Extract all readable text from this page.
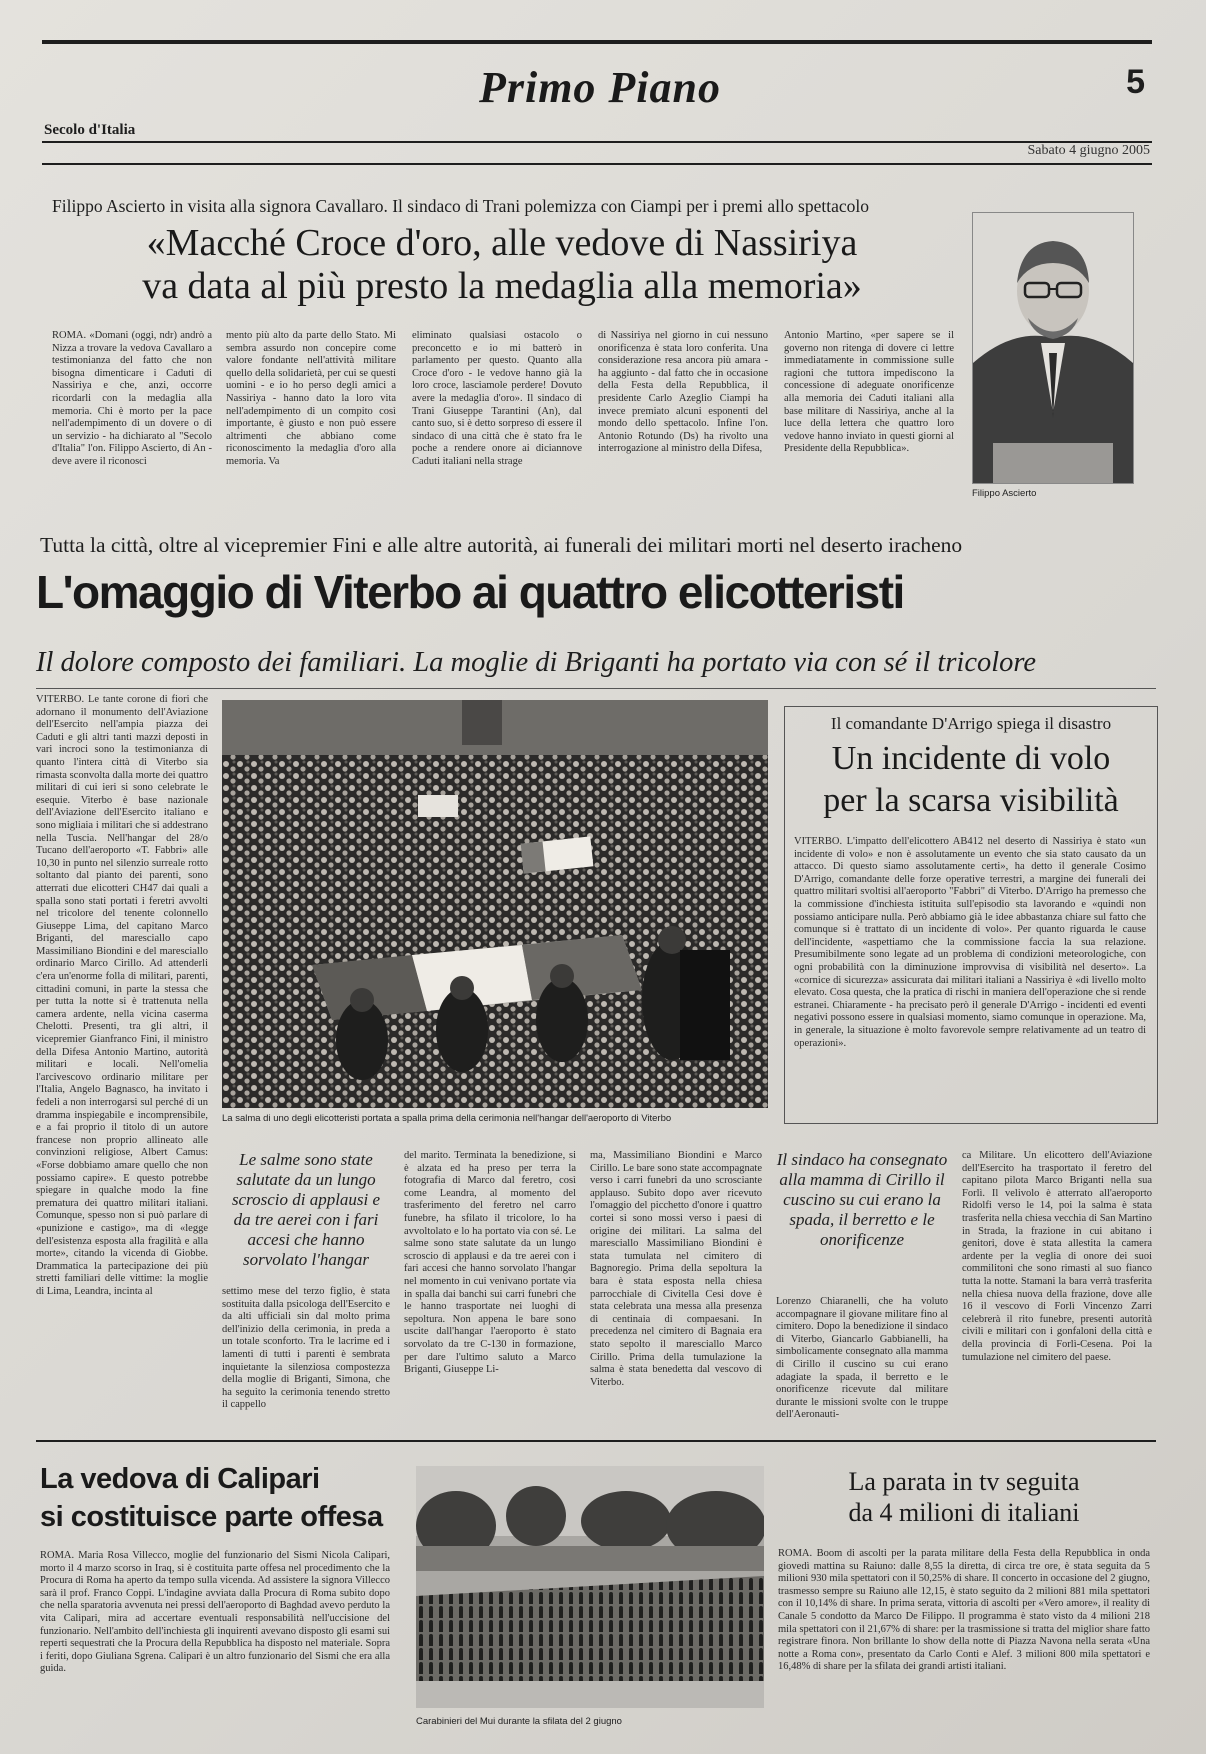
Primo Piano	5
Secolo d'Italia
Sabato 4 giugno 2005
Filippo Ascierto in visita alla signora Cavallaro. Il sindaco di Trani polemizza con Ciampi per i premi allo spettacolo
«Macché Croce d'oro, alle vedove di Nassiriya
va data al più presto la medaglia alla memoria»
ROMA. «Domani (oggi, ndr) andrò a Nizza a trovare la vedova Cavallaro a testimonianza del fatto che non bisogna dimenticare i Caduti di Nassiriya e che, anzi, occorre ricordarli con la medaglia alla memoria. Chi è morto per la pace nell'adempimento di un dovere o di un servizio - ha dichiarato al "Secolo d'Italia" l'on. Filippo Ascierto, di An - deve avere il riconosci
mento più alto da parte dello Stato. Mi sembra assurdo non concepire come valore fondante nell'attività militare quello della solidarietà, per cui se questi uomini - e io ho perso degli amici a Nassiriya - hanno dato la loro vita nell'adempimento di un compito così importante, è giusto e non può essere altrimenti che abbiano come riconoscimento la medaglia d'oro alla memoria. Va
eliminato qualsiasi ostacolo o preconcetto e io mi batterò in parlamento per questo. Quanto alla Croce d'oro - le vedove hanno già la loro croce, lasciamole perdere! Dovuto avere la medaglia d'oro». Il sindaco di Trani Giuseppe Tarantini (An), dal canto suo, si è detto sorpreso di essere il sindaco di una città che è stato fra le poche a rendere onore ai diciannove Caduti italiani nella strage
di Nassiriya nel giorno in cui nessuno onorificenza è stata loro conferita. Una considerazione resa ancora più amara - ha aggiunto - dal fatto che in occasione della Festa della Repubblica, il presidente Carlo Azeglio Ciampi ha invece premiato alcuni esponenti del mondo dello spettacolo. Infine l'on. Antonio Rotundo (Ds) ha rivolto una interrogazione al ministro della Difesa,
Antonio Martino, «per sapere se il governo non ritenga di dovere ci lettre immediatamente in commissione sulle ragioni che tuttora impediscono la concessione di adeguate onorificenze alla memoria dei Caduti italiani alla base militare di Nassiriya, anche al la luce della lettera che quattro loro vedove hanno inviato in questi giorni al Presidente della Repubblica».
Filippo Ascierto
Tutta la città, oltre al vicepremier Fini e alle altre autorità, ai funerali dei militari morti nel deserto iracheno
L'omaggio di Viterbo ai quattro elicotteristi
Il dolore composto dei familiari. La moglie di Briganti ha portato via con sé il tricolore
VITERBO. Le tante corone di fiori che adornano il monumento dell'Aviazione dell'Esercito nell'ampia piazza dei Caduti e gli altri tanti mazzi deposti in vari incroci sono la testimonianza di quanto l'intera città di Viterbo sia rimasta sconvolta dalla morte dei quattro militari di cui ieri si sono celebrate le esequie. Viterbo è base nazionale dell'Aviazione dell'Esercito italiano e sono migliaia i militari che si addestrano nella Tuscia. Nell'hangar del 28/o Tucano dell'aeroporto «T. Fabbri» alle 10,30 in punto nel silenzio surreale rotto soltanto dal pianto dei parenti, sono atterrati due elicotteri CH47 dai quali a spalla sono stati portati i feretri avvolti nel tricolore del tenente colonnello Giuseppe Lima, del capitano Marco Briganti, del maresciallo capo Massimiliano Biondini e del maresciallo ordinario Marco Cirillo. Ad attenderli c'era un'enorme folla di militari, parenti, cittadini comuni, in parte la stessa che per tutta la notte si è trattenuta nella camera ardente, nella vicina caserma Chelotti. Presenti, tra gli altri, il vicepremier Gianfranco Fini, il ministro della Difesa Antonio Martino, autorità militari e locali. Nell'omelia l'arcivescovo ordinario militare per l'Italia, Angelo Bagnasco, ha invitato i fedeli a non interrogarsi sul perché di un dramma inspiegabile e incomprensibile, e a fai proprio il titolo di un autore francese non proprio allineato alle convinzioni religiose, Albert Camus: «Forse dobbiamo amare quello che non possiamo capire». E questo potrebbe spiegare in qualche modo la fine prematura dei quattro militari italiani. Comunque, spesso non si può parlare di «punizione e castigo», ma di «legge dell'esistenza esposta alla fragilità e alla morte», citando la vicenda di Giobbe. Drammatica la partecipazione dei più stretti familiari delle vittime: la moglie di Lima, Leandra, incinta al
La salma di uno degli elicotteristi portata a spalla prima della cerimonia nell'hangar dell'aeroporto di Viterbo
Il comandante D'Arrigo spiega il disastro
Un incidente di volo
per la scarsa visibilità
VITERBO. L'impatto dell'elicottero AB412 nel deserto di Nassiriya è stato «un incidente di volo» e non è assolutamente un evento che sia stato causato da un attacco. Di questo siamo assolutamente certi», ha detto il generale Cosimo D'Arrigo, comandante delle forze operative terrestri, a margine dei funerali dei quattro militari svoltisi all'aeroporto "Fabbri" di Viterbo. D'Arrigo ha premesso che la commissione d'inchiesta istituita sull'episodio sta lavorando e «quindi non possiamo anticipare nulla. Però abbiamo già le idee abbastanza chiare sul fatto che comunque si è trattato di un incidente di volo». Per quanto riguarda le cause dell'incidente, «aspettiamo che la commissione faccia la sua relazione. Presumibilmente sono legate ad un problema di condizioni meteorologiche, con ogni probabilità con la diminuzione improvvisa di visibilità nel deserto». La «cornice di sicurezza» assicurata dai militari italiani a Nassiriya è «di livello molto elevato. Cosa questa, che la pratica di rischi in maniera dell'operazione che si rende estranei. Chiaramente - ha precisato però il generale D'Arrigo - incidenti ed eventi negativi possono essere in qualsiasi momento, siamo comunque in operazione. Ma, in generale, la situazione è molto favorevole sempre relativamente ad un teatro di operazioni».
Le salme sono state salutate da un lungo scroscio di applausi e da tre aerei con i fari accesi che hanno sorvolato l'hangar
settimo mese del terzo figlio, è stata sostituita dalla psicologa dell'Esercito e da alti ufficiali sin dal molto prima dell'inizio della cerimonia, in preda a un totale sconforto. Tra le lacrime ed i lamenti di tutti i parenti è sembrata inquietante la silenziosa compostezza della moglie di Briganti, Simona, che ha seguito la cerimonia tenendo stretto il cappello
del marito. Terminata la benedizione, si è alzata ed ha preso per terra la fotografia di Marco dal feretro, così come Leandra, al momento del trasferimento del feretro nel carro funebre, ha sfilato il tricolore, lo ha avvoltolato e lo ha portato via con sé. Le salme sono state salutate da un lungo scroscio di applausi e da tre aerei con i fari accesi che hanno sorvolato l'hangar nel momento in cui venivano portate via in spalla dai banchi sui carri funebri che le hanno trasportate nei luoghi di sepoltura. Non appena le bare sono uscite dall'hangar l'aeroporto è stato sorvolato da tre C-130 in formazione, per dare l'ultimo saluto a Marco Briganti, Giuseppe Li-
ma, Massimiliano Biondini e Marco Cirillo. Le bare sono state accompagnate verso i carri funebri da uno scrosciante applauso. Subito dopo aver ricevuto l'omaggio del picchetto d'onore i quattro cortei si sono mossi verso i paesi di origine dei militari. La salma del maresciallo Massimiliano Biondini è stata tumulata nel cimitero di Bagnoregio. Prima della sepoltura la bara è stata esposta nella chiesa parrocchiale di Civitella Cesi dove è stata celebrata una messa alla presenza di centinaia di compaesani. In precedenza nel cimitero di Bagnaia era stato sepolto il maresciallo Marco Cirillo. Prima della tumulazione la salma è stata benedetta dal vescovo di Viterbo.
Il sindaco ha consegnato alla mamma di Cirillo il cuscino su cui erano la spada, il berretto e le onorificenze
Lorenzo Chiaranelli, che ha voluto accompagnare il giovane militare fino al cimitero. Dopo la benedizione il sindaco di Viterbo, Giancarlo Gabbianelli, ha simbolicamente consegnato alla mamma di Cirillo il cuscino su cui erano adagiate la spada, il berretto e le onorificenze ricevute dal militare durante le missioni svolte con le truppe dell'Aeronauti-
ca Militare. Un elicottero dell'Aviazione dell'Esercito ha trasportato il feretro del capitano pilota Marco Briganti nella sua Forlì. Il velivolo è atterrato all'aeroporto Ridolfi verso le 14, poi la salma è stata trasferita nella chiesa vecchia di San Martino in Strada, la frazione in cui abitano i genitori, dove è stata allestita la camera ardente per la veglia di onore dei suoi commilitoni che sono rimasti al suo fianco tutta la notte. Stamani la bara verrà trasferita nella chiesa nuova della frazione, dove alle 16 il vescovo di Forlì Vincenzo Zarri celebrerà il rito funebre, presenti autorità civili e militari con i gonfaloni della città e della provincia di Forlì-Cesena. Poi la tumulazione nel cimitero del paese.
La vedova di Calipari
si costituisce parte offesa
ROMA. Maria Rosa Villecco, moglie del funzionario del Sismi Nicola Calipari, morto il 4 marzo scorso in Iraq, si è costituita parte offesa nel procedimento che la Procura di Roma ha aperto da tempo sulla vicenda. Ad assistere la signora Villecco sarà il prof. Franco Coppi. L'indagine avviata dalla Procura di Roma subito dopo che nella sparatoria avvenuta nei pressi dell'aeroporto di Baghdad avevo perduto la vita Calipari, mira ad accertare eventuali responsabilità nell'uccisione del funzionario. Nell'ambito dell'inchiesta gli inquirenti avevano disposto gli esami sui reperti sequestrati che la Procura della Repubblica ha disposto nel materiale. Sopra i feriti, dopo Giuliana Sgrena. Calipari è un altro funzionario del Sismi che era alla guida.
Carabinieri del Mui durante la sfilata del 2 giugno
La parata in tv seguita
da 4 milioni di italiani
ROMA. Boom di ascolti per la parata militare della Festa della Repubblica in onda giovedì mattina su Raiuno: dalle 8,55 la diretta, di circa tre ore, è stata seguita da 5 milioni 930 mila spettatori con il 50,25% di share. Il concerto in occasione del 2 giugno, trasmesso sempre su Raiuno alle 12,15, è stato seguito da 2 milioni 881 mila spettatori con il 10,14% di share. In prima serata, vittoria di ascolti per «Vero amore», il reality di Canale 5 condotto da Marco De Filippo. Il programma è stato visto da 4 milioni 218 mila spettatori con il 21,67% di share: per la trasmissione si tratta del miglior share fatto registrare finora. Non brillante lo show della notte di Piazza Navona nella serata «Una notte a Roma con», presentato da Carlo Conti e Alef. 3 milioni 800 mila spettatori e 16,48% di share per la sfilata dei grandi artisti italiani.
